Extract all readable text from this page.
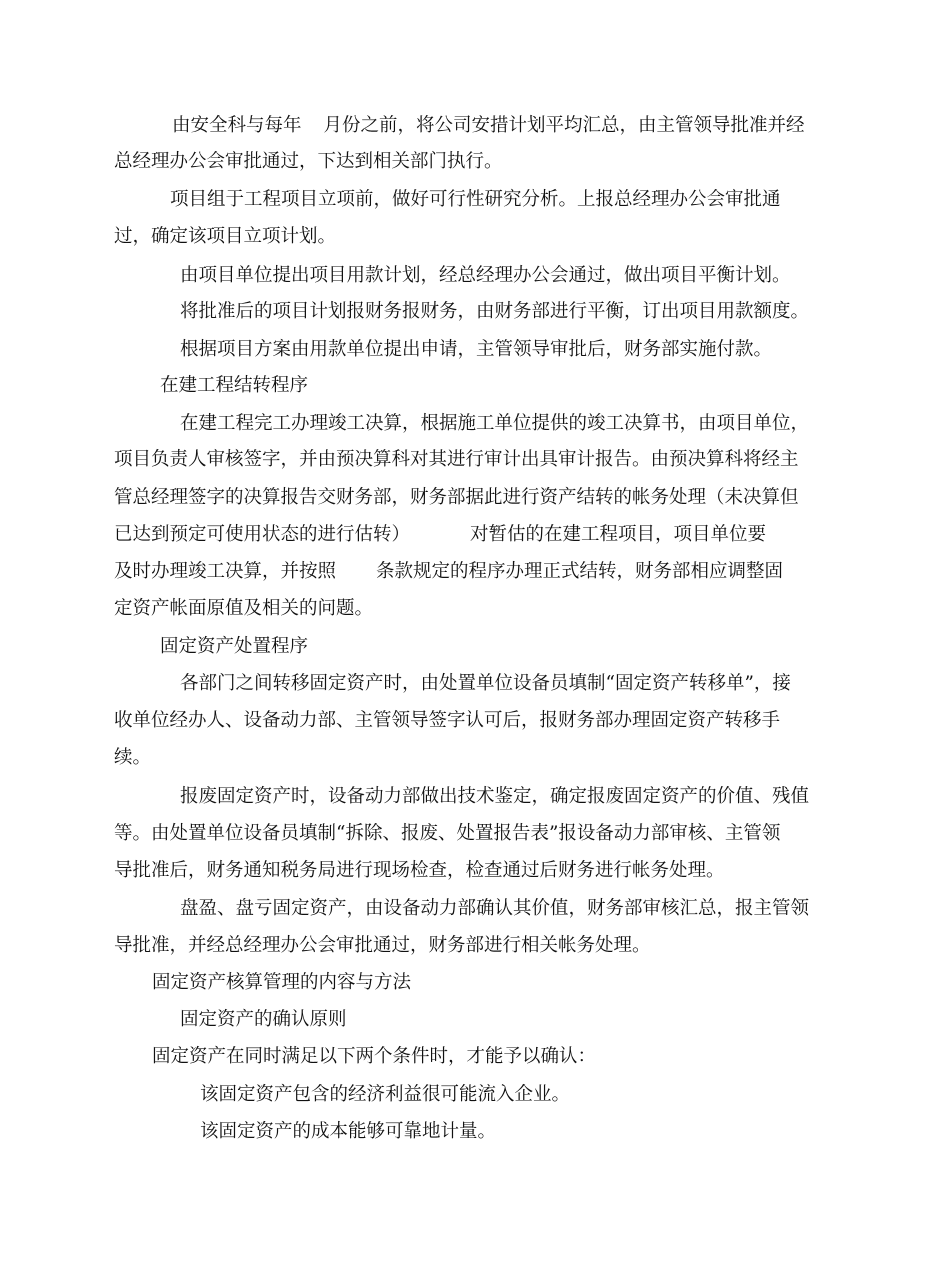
由安全科与每年 月份之前，将公司安措计划平均汇总，由主管领导批准并经
总经理办公会审批通过，下达到相关部门执行。
项目组于工程项目立项前，做好可行性研究分析。上报总经理办公会审批通
过，确定该项目立项计划。
由项目单位提出项目用款计划，经总经理办公会通过，做出项目平衡计划。
将批准后的项目计划报财务报财务，由财务部进行平衡，订出项目用款额度。
根据项目方案由用款单位提出申请，主管领导审批后，财务部实施付款。
在建工程结转程序
在建工程完工办理竣工决算，根据施工单位提供的竣工决算书，由项目单位，
项目负责人审核签字，并由预决算科对其进行审计出具审计报告。由预决算科将经主
管总经理签字的决算报告交财务部，财务部据此进行资产结转的帐务处理（未决算但
已达到预定可使用状态的进行估转）	对暂估的在建工程项目，项目单位要
及时办理竣工决算，并按照 条款规定的程序办理正式结转，财务部相应调整固
定资产帐面原值及相关的问题。
固定资产处置程序
各部门之间转移固定资产时，由处置单位设备员填制“固定资产转移单”，接
收单位经办人、设备动力部、主管领导签字认可后，报财务部办理固定资产转移手
续。
报废固定资产时，设备动力部做出技术鉴定，确定报废固定资产的价值、残值
等。由处置单位设备员填制“拆除、报废、处置报告表”报设备动力部审核、主管领
导批准后，财务通知税务局进行现场检查，检查通过后财务进行帐务处理。
盘盈、盘亏固定资产，由设备动力部确认其价值，财务部审核汇总，报主管领
导批准，并经总经理办公会审批通过，财务部进行相关帐务处理。
固定资产核算管理的内容与方法
固定资产的确认原则
固定资产在同时满足以下两个条件时，才能予以确认：
该固定资产包含的经济利益很可能流入企业。
该固定资产的成本能够可靠地计量。
